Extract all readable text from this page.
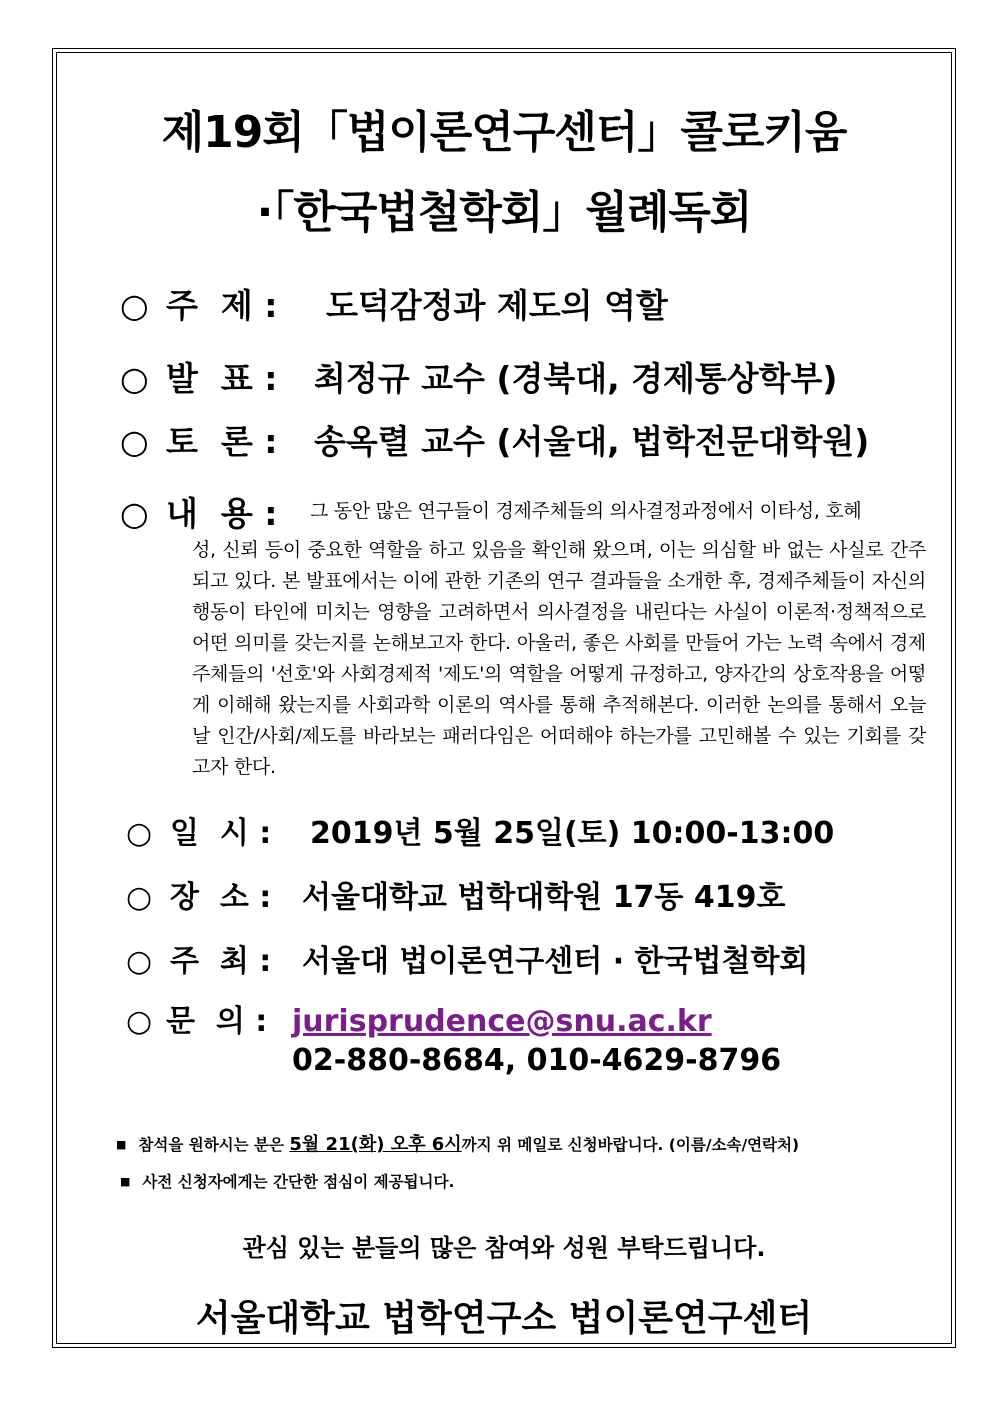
제19회「법이론연구센터」콜로키움
·「한국법철학회」월례독회
○ 주  제 :	도덕감정과 제도의 역할
○ 발  표 :	최정규 교수 (경북대, 경제통상학부)
○ 토  론 :	송옥렬 교수 (서울대, 법학전문대학원)
○ 내  용 : 그 동안 많은 연구들이 경제주체들의 의사결정과정에서 이타성, 호혜
성, 신뢰 등이 중요한 역할을 하고 있음을 확인해 왔으며, 이는 의심할 바 없는 사실로 간주되고 있다. 본 발표에서는 이에 관한 기존의 연구 결과들을 소개한 후, 경제주체들이 자신의 행동이 타인에 미치는 영향을 고려하면서 의사결정을 내린다는 사실이 이론적·정책적으로 어떤 의미를 갖는지를 논해보고자 한다. 아울러, 좋은 사회를 만들어 가는 노력 속에서 경제주체들의 '선호'와 사회경제적 '제도'의 역할을 어떻게 규정하고, 양자간의 상호작용을 어떻게 이해해 왔는지를 사회과학 이론의 역사를 통해 추적해본다. 이러한 논의를 통해서 오늘날 인간/사회/제도를 바라보는 패러다임은 어떠해야 하는가를 고민해볼 수 있는 기회를 갖고자 한다.
○ 일  시 :	2019년 5월 25일(토) 10:00-13:00
○ 장  소 :	서울대학교 법학대학원 17동 419호
○ 주  최 :	서울대 법이론연구센터 · 한국법철학회
○ 문  의 : jurisprudence@snu.ac.kr
02-880-8684, 010-4629-8796
■ 참석을 원하시는 분은 5월 21(화) 오후 6시까지 위 메일로 신청바랍니다. (이름/소속/연락처)
■ 사전 신청자에게는 간단한 점심이 제공됩니다.
관심 있는 분들의 많은 참여와 성원 부탁드립니다.
서울대학교 법학연구소 법이론연구센터
